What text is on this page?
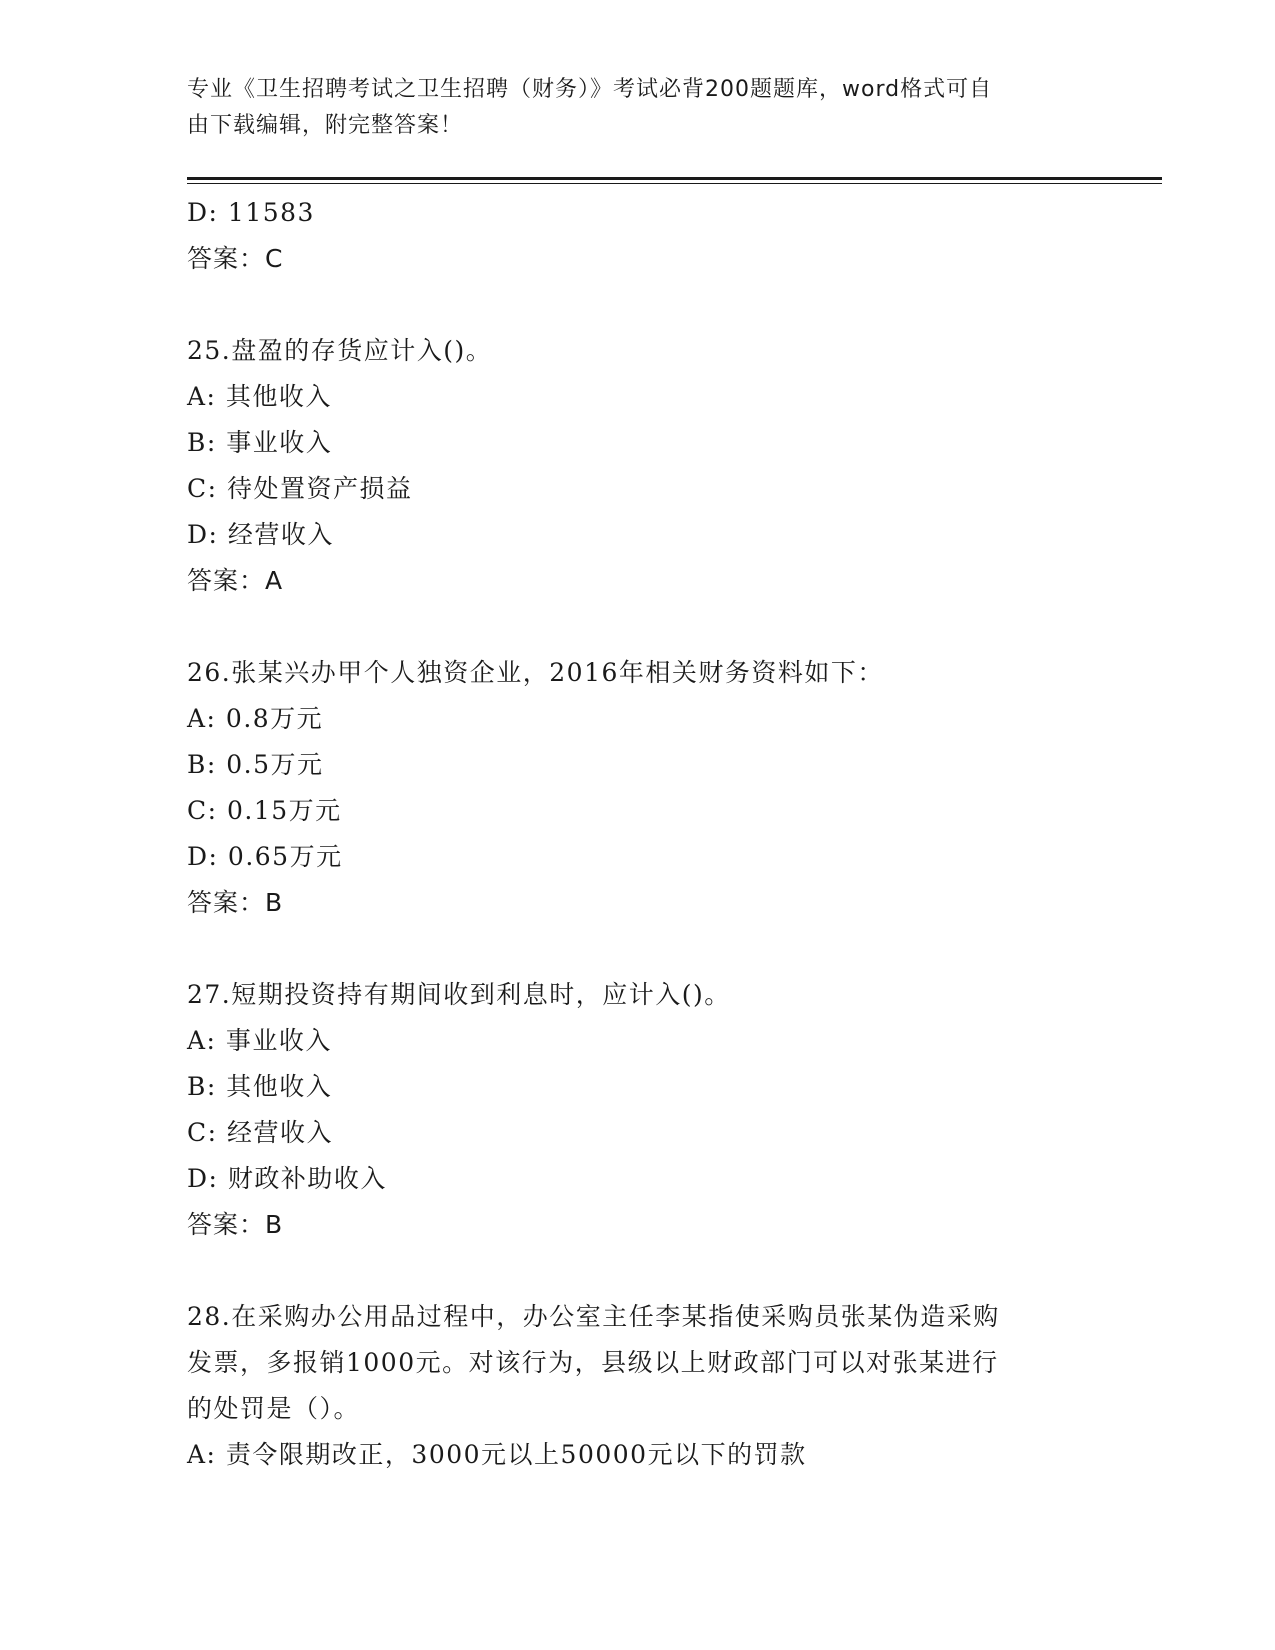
专业《卫生招聘考试之卫生招聘（财务）》考试必背200题题库，word格式可自
由下载编辑，附完整答案！
D: 11583
答案：C
25.盘盈的存货应计入()。
A: 其他收入
B: 事业收入
C: 待处置资产损益
D: 经营收入
答案：A
26.张某兴办甲个人独资企业，2016年相关财务资料如下：
A: 0.8万元
B: 0.5万元
C: 0.15万元
D: 0.65万元
答案：B
27.短期投资持有期间收到利息时，应计入()。
A: 事业收入
B: 其他收入
C: 经营收入
D: 财政补助收入
答案：B
28.在采购办公用品过程中，办公室主任李某指使采购员张某伪造采购
发票，多报销1000元。对该行为，县级以上财政部门可以对张某进行
的处罚是（）。
A: 责令限期改正，3000元以上50000元以下的罚款
